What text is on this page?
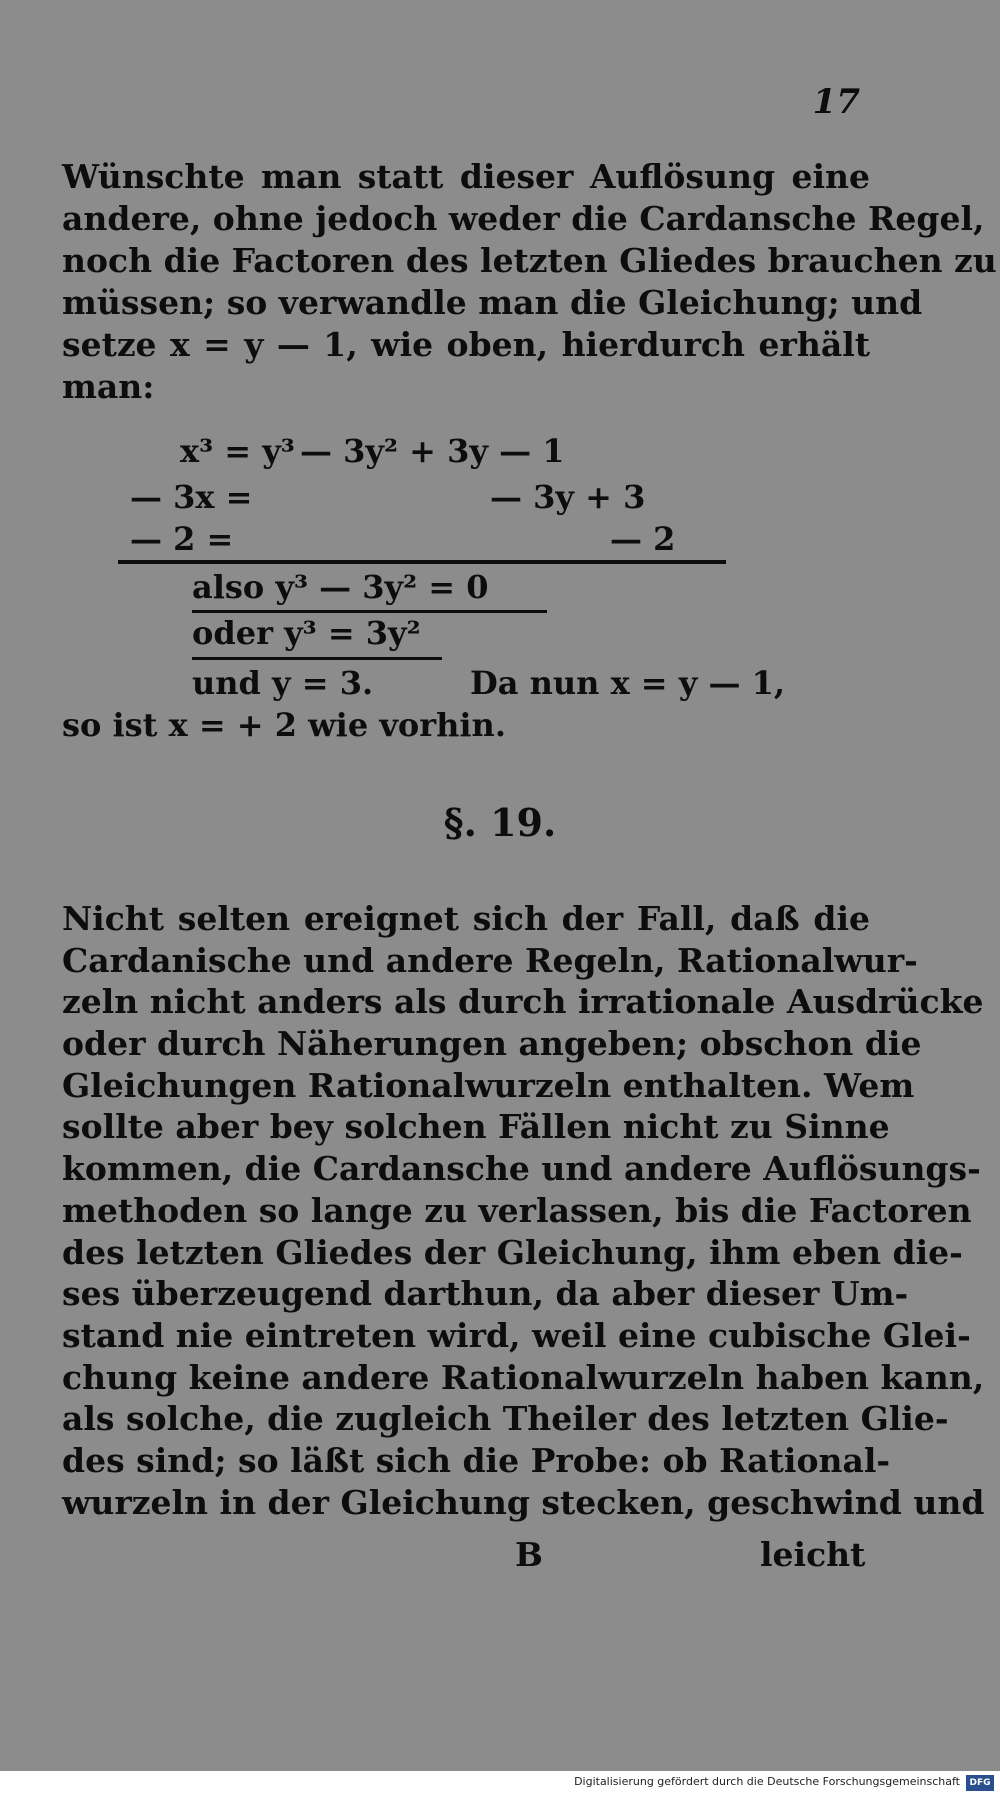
17
Wünschte man statt dieser Auflösung eine
andere, ohne jedoch weder die Cardansche Regel,
noch die Factoren des letzten Gliedes brauchen zu
müssen; so verwandle man die Gleichung; und
setze x = y — 1, wie oben, hierdurch erhält
man:
x³ = y³ — 3y² + 3y — 1
— 3x =	— 3y + 3
— 2 =	— 2
also y³ — 3y² = 0
oder y³ = 3y²
und y = 3.	Da nun x = y — 1,
so ist x = + 2 wie vorhin.
§. 19.
Nicht selten ereignet sich der Fall, daß die
Cardanische und andere Regeln, Rationalwur-
zeln nicht anders als durch irrationale Ausdrücke
oder durch Näherungen angeben; obschon die
Gleichungen Rationalwurzeln enthalten. Wem
sollte aber bey solchen Fällen nicht zu Sinne
kommen, die Cardansche und andere Auflösungs-
methoden so lange zu verlassen, bis die Factoren
des letzten Gliedes der Gleichung, ihm eben die-
ses überzeugend darthun, da aber dieser Um-
stand nie eintreten wird, weil eine cubische Glei-
chung keine andere Rationalwurzeln haben kann,
als solche, die zugleich Theiler des letzten Glie-
des sind; so läßt sich die Probe: ob Rational-
wurzeln in der Gleichung stecken, geschwind und
B	leicht
Digitalisierung gefördert durch die Deutsche Forschungsgemeinschaft	DFG
